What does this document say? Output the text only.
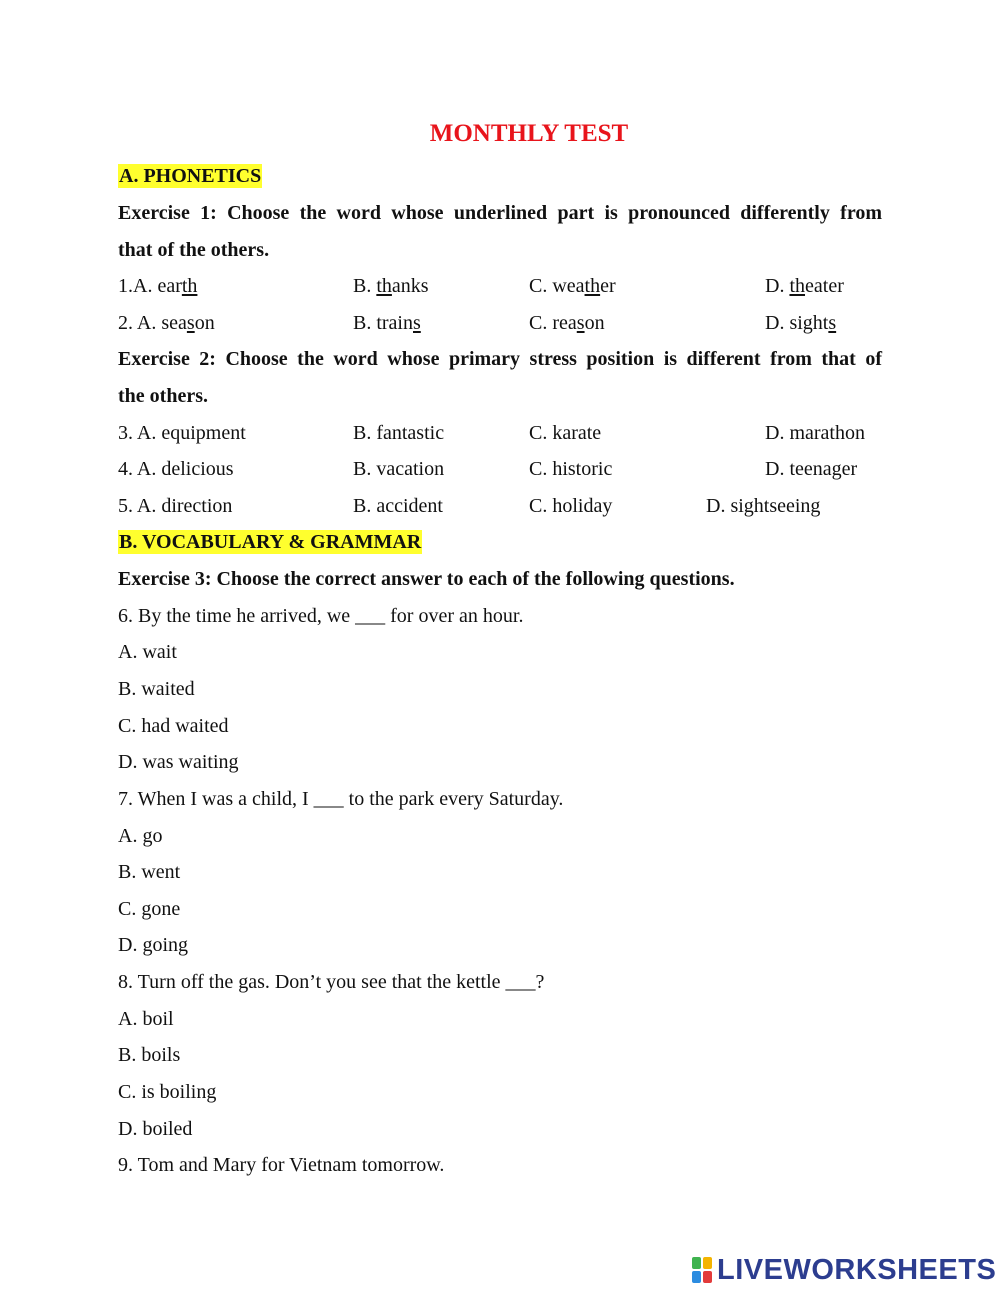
MONTHLY TEST
A. PHONETICS
Exercise 1: Choose the word whose underlined part is pronounced differently from
that of the others.
1.A. earth	B. thanks	C. weather	D. theater
2. A. season	B. trains	C. reason	D. sights
Exercise 2: Choose the word whose primary stress position is different from that of
the others.
3. A. equipment	B. fantastic	C. karate	D. marathon
4. A. delicious	B. vacation	C. historic	D. teenager
5. A. direction	B. accident	C. holiday	D. sightseeing
B. VOCABULARY & GRAMMAR
Exercise 3: Choose the correct answer to each of the following questions.
6. By the time he arrived, we ___ for over an hour.
A. wait
B. waited
C. had waited
D. was waiting
7. When I was a child, I ___ to the park every Saturday.
A. go
B. went
C. gone
D. going
8. Turn off the gas. Don’t you see that the kettle ___?
A. boil
B. boils
C. is boiling
D. boiled
9. Tom and Mary for Vietnam tomorrow.
LIVEWORKSHEETS
